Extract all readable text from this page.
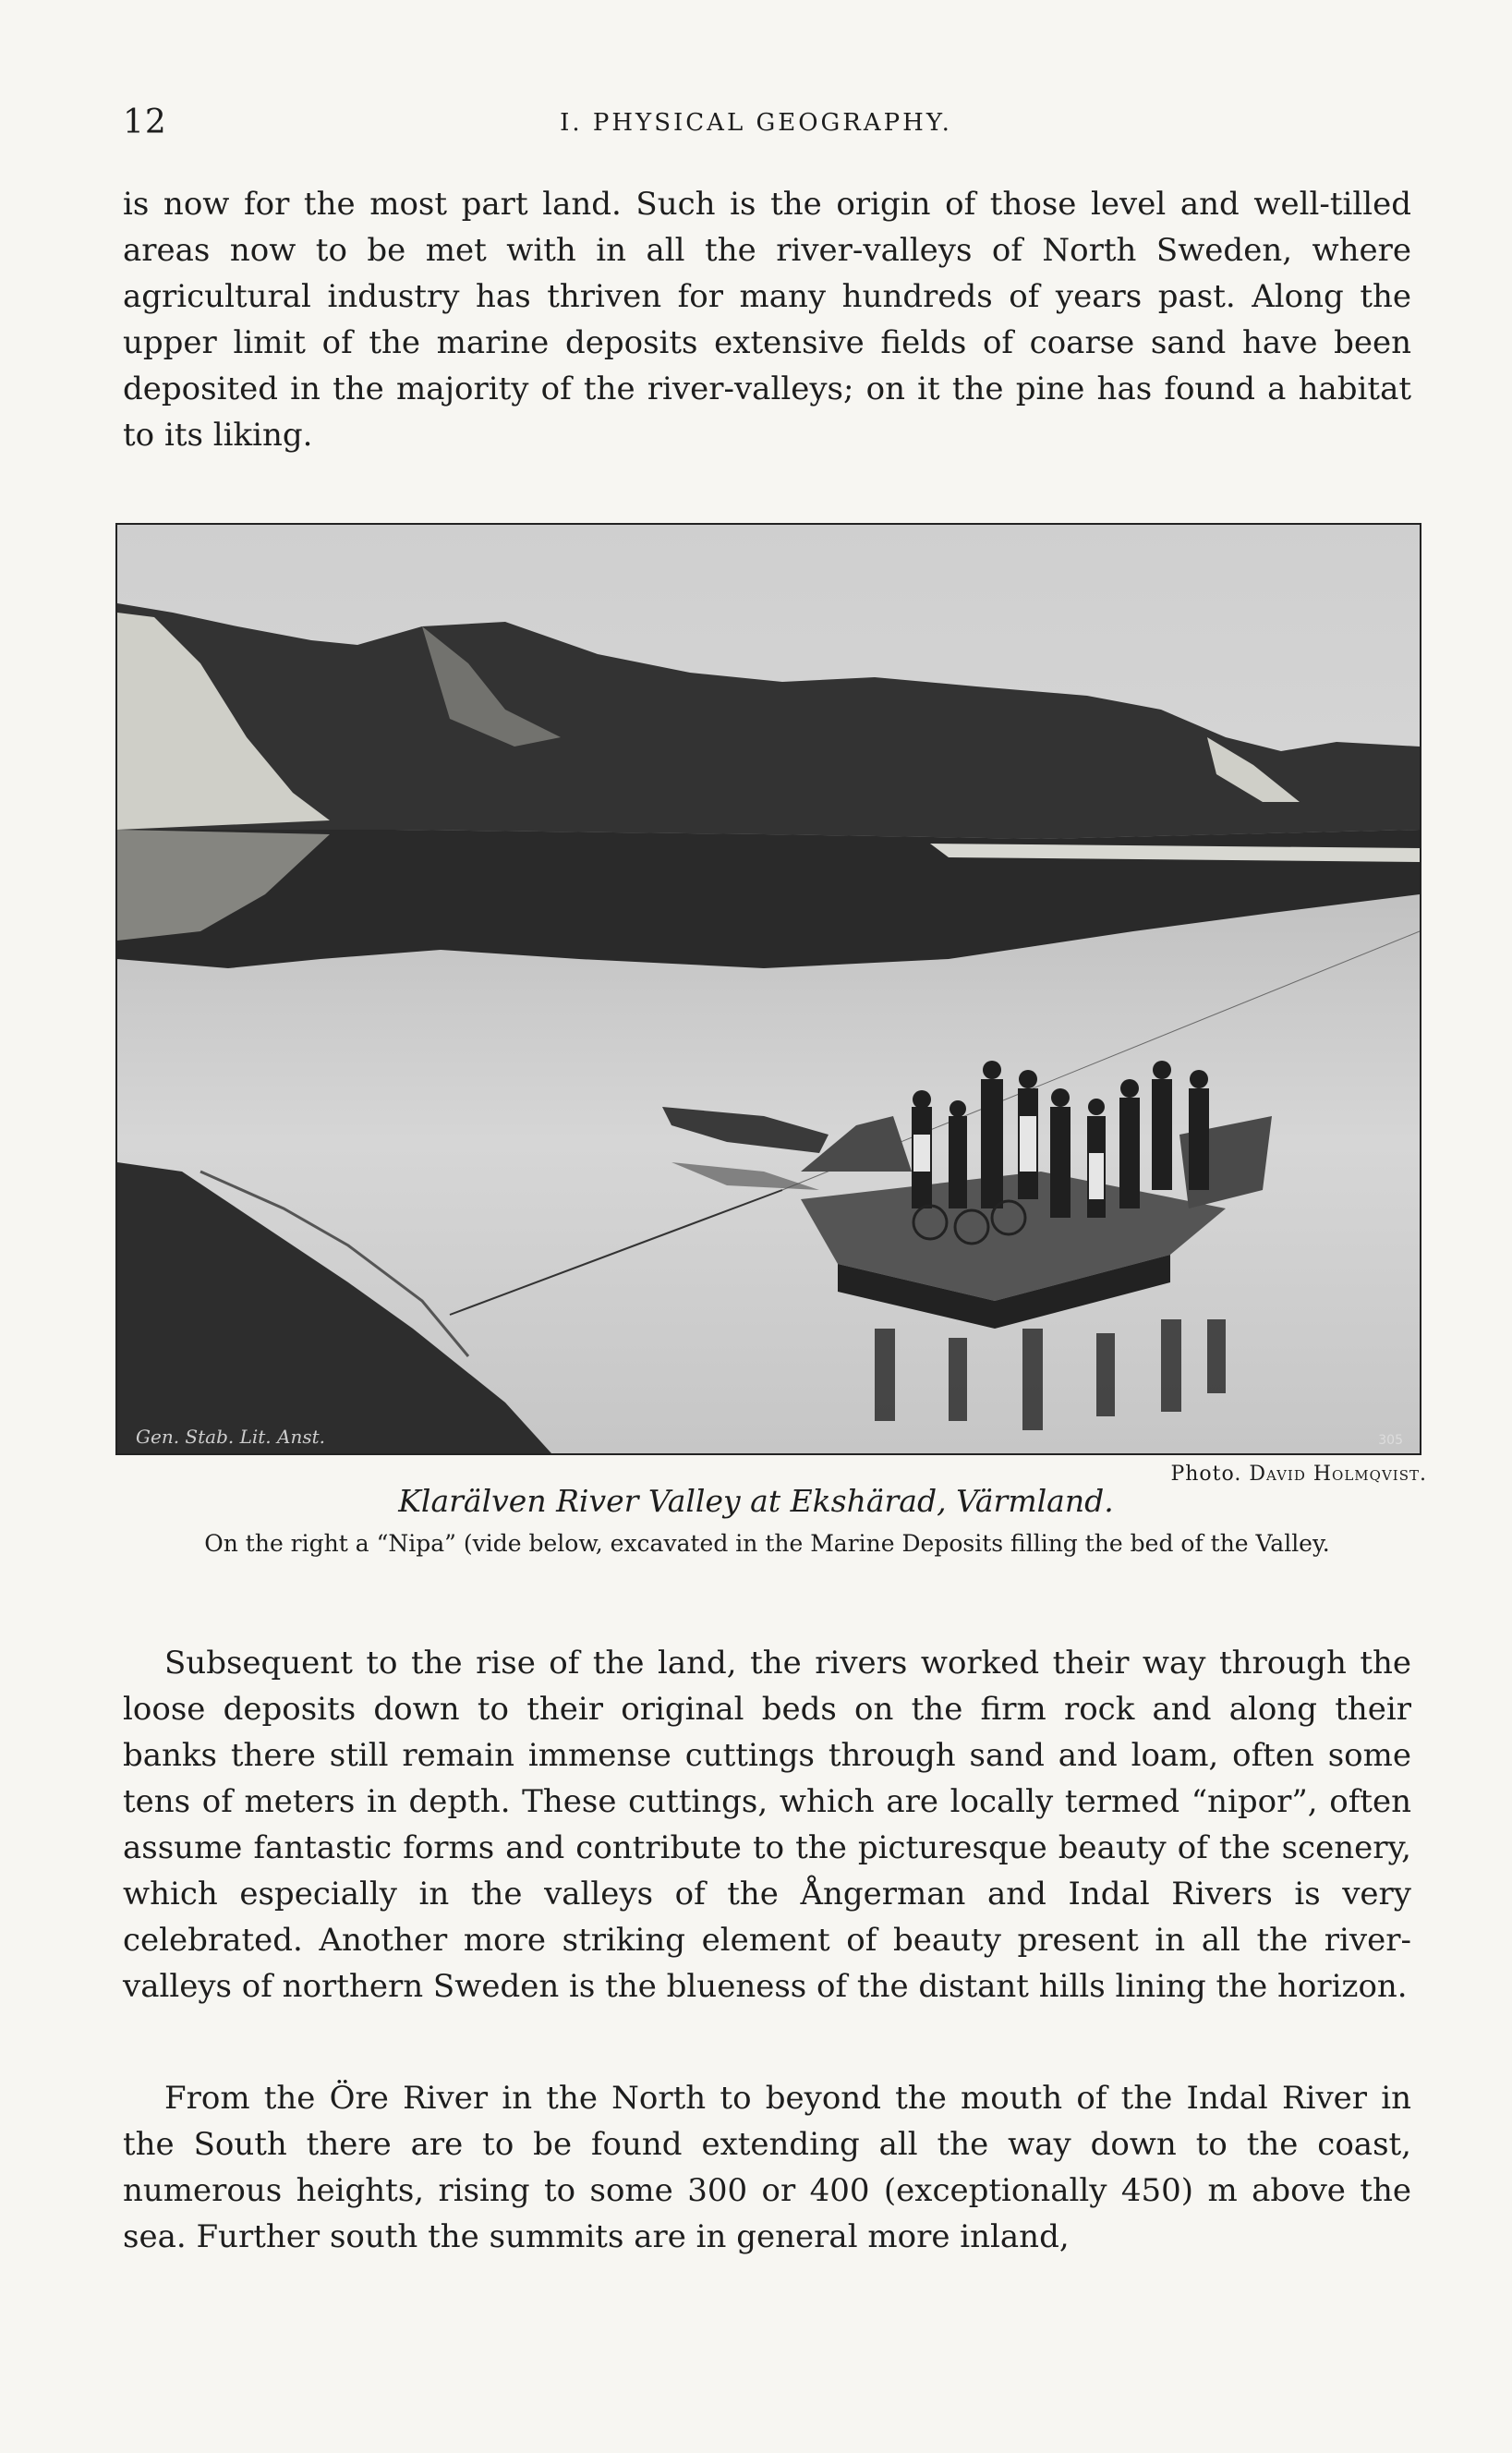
12	I. PHYSICAL GEOGRAPHY.

is now for the most part land. Such is the origin of those level and well-tilled areas now to be met with in all the river-valleys of North Sweden, where agricultural industry has thriven for many hundreds of years past. Along the upper limit of the marine deposits extensive fields of coarse sand have been deposited in the majority of the river-valleys; on it the pine has found a habitat to its liking.

Gen. Stab. Lit. Anst.	305
Photo. David Holmqvist.
Klarälven River Valley at Ekshärad, Värmland.
On the right a “Nipa” (vide below, excavated in the Marine Deposits filling the bed of the Valley.

Subsequent to the rise of the land, the rivers worked their way through the loose deposits down to their original beds on the firm rock and along their banks there still remain immense cuttings through sand and loam, often some tens of meters in depth. These cuttings, which are locally termed “nipor”, often assume fantastic forms and contribute to the picturesque beauty of the scenery, which especially in the valleys of the Ångerman and Indal Rivers is very celebrated. Another more striking element of beauty present in all the river-valleys of northern Sweden is the blueness of the distant hills lining the horizon.

From the Öre River in the North to beyond the mouth of the Indal River in the South there are to be found extending all the way down to the coast, numerous heights, rising to some 300 or 400 (exceptionally 450) m above the sea. Further south the summits are in general more inland,
